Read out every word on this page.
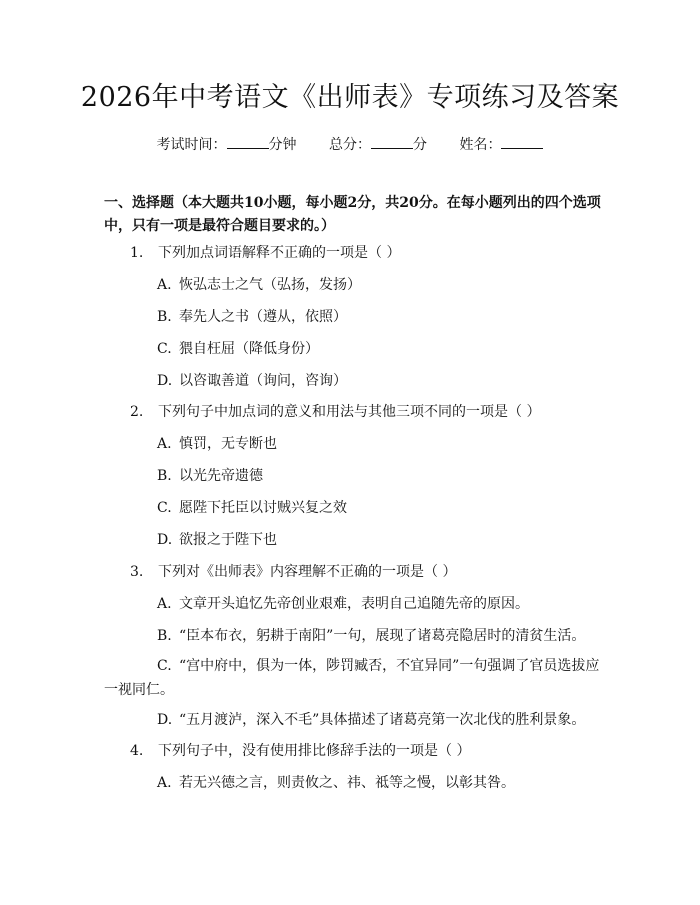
2026年中考语文《出师表》专项练习及答案
考试时间：	分钟 总分：	分 姓名：
一、选择题（本大题共10小题，每小题2分，共20分。在每小题列出的四个选项中，只有一项是最符合题目要求的。）
1. 下列加点词语解释不正确的一项是（ ）
A. 恢弘志士之气（弘扬，发扬）
B. 奉先人之书（遵从，依照）
C. 猥自枉屈（降低身份）
D. 以咨诹善道（询问，咨询）
2. 下列句子中加点词的意义和用法与其他三项不同的一项是（ ）
A. 慎罚，无专断也
B. 以光先帝遗德
C. 愿陛下托臣以讨贼兴复之效
D. 欲报之于陛下也
3. 下列对《出师表》内容理解不正确的一项是（ ）
A. 文章开头追忆先帝创业艰难，表明自己追随先帝的原因。
B. “臣本布衣，躬耕于南阳”一句，展现了诸葛亮隐居时的清贫生活。
C. “宫中府中，俱为一体，陟罚臧否，不宜异同”一句强调了官员选拔应一视同仁。
D. “五月渡泸，深入不毛”具体描述了诸葛亮第一次北伐的胜利景象。
4. 下列句子中，没有使用排比修辞手法的一项是（ ）
A. 若无兴德之言，则责攸之、祎、祗等之慢，以彰其咎。
